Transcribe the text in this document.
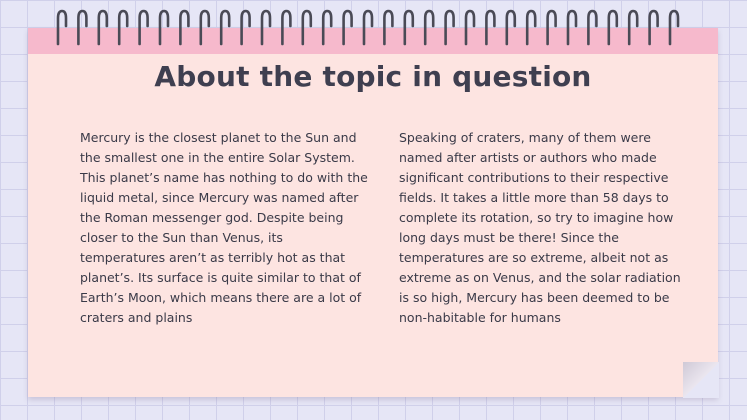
About the topic in question

Mercury is the closest planet to the Sun and the smallest one in the entire Solar System. This planet’s name has nothing to do with the liquid metal, since Mercury was named after the Roman messenger god. Despite being closer to the Sun than Venus, its temperatures aren’t as terribly hot as that planet’s. Its surface is quite similar to that of Earth’s Moon, which means there are a lot of craters and plains

Speaking of craters, many of them were named after artists or authors who made significant contributions to their respective fields. It takes a little more than 58 days to complete its rotation, so try to imagine how long days must be there! Since the temperatures are so extreme, albeit not as extreme as on Venus, and the solar radiation is so high, Mercury has been deemed to be non-habitable for humans
